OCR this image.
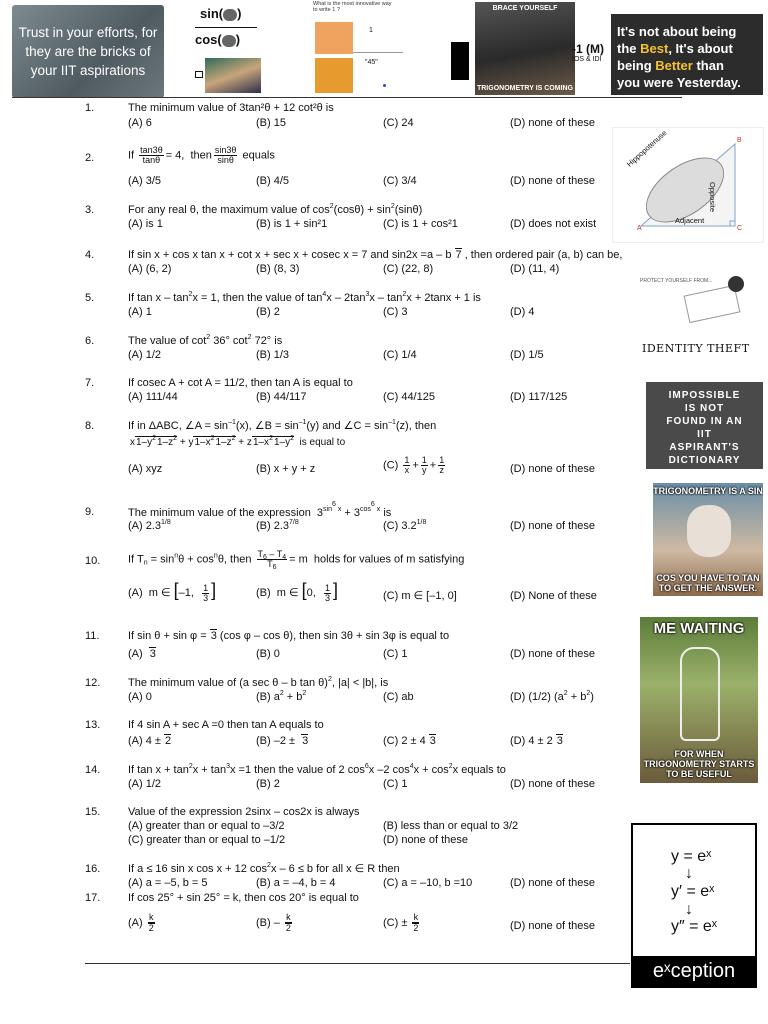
Trust in your efforts, for they are the bricks of your IIT aspirations
sin( )
cos( )
What is the most innovative way to write 1 ?
1
"45"
BRACE YOURSELF
TRIGONOMETRY IS COMING
-1 (M)
IOS & IDI
It's not about being
the Best, It's about
being Better than
you were Yesterday.
1.	The minimum value of 3tan²θ + 12 cot²θ is
(A) 6	(B) 15	(C) 24	(D) none of these
2.	If $\frac{\tan 3\theta}{\tan\theta} = 4$,  then $\frac{\sin 3\theta}{\sin\theta}$ equals
(A) 3/5	(B) 4/5	(C) 3/4	(D) none of these
3.	For any real θ, the maximum value of $\cos^2(\cos\theta) + \sin^2(\sin\theta)$
(A) is 1	(B) is 1 + sin²1	(C) is 1 + cos²1	(D) does not exist
4.	If sin x + cos x tan x + cot x + sec x + cosec x = 7 and sin2x =a – b 7 , then ordered pair (a, b) can be,
(A) (6, 2)	(B) (8, 3)	(C) (22, 8)	(D) (11, 4)
5.	If $\tan x - \tan^2x = 1$, then the value of $\tan^4x - 2\tan^3x - \tan^2x + 2\tan x + 1$ is
(A) 1	(B) 2	(C) 3	(D) 4
6.	The value of $\cot^2 36^\circ$ $\cot^2 72^\circ$ is
(A) 1/2	(B) 1/3	(C) 1/4	(D) 1/5
7.	If cosec A + cot A = 11/2, then tan A is equal to
(A) 111/44	(B) 44/117	(C) 44/125	(D) 117/125
8.	If in ΔABC, ∠A = $\sin^{-1}(x)$, ∠B = $\sin^{-1}(y)$ and ∠C = $\sin^{-1}(z)$, then
$x1-y^21-z^2 + y1-x^21-z^2 + z1-x^21-y^2$  is equal to
(A) xyz	(B) x + y + z	$(C) \frac{1}{x} + \frac{1}{y} + \frac{1}{z}$	(D) none of these
9.	The minimum value of the expression  $3^{sin^6 x} + 3^{cos^6 x}$ is
(A) $2.3^{1/8}$	(B) $2.3^{7/8}$	(C) $3.2^{1/8}$	(D) none of these
10.	If $T_n = \sin^n\theta + \cos^n\theta$, then $\frac{T_6 - T_4}{T_6} = m$  holds for values of m satisfying
(A)  m ∈ [–1, $\frac{1}{3}$ ]	(B)  m ∈ [0, $\frac{1}{3}$ ]	(C) m ∈ [–1, 0]	(D) None of these
11.	If sin θ + sin φ = 3 (cos φ – cos θ), then sin 3θ + sin 3φ is equal to
(A)  3	(B) 0	(C) 1	(D) none of these
12.	The minimum value of (a sec θ – b tan θ)$^2$, |a| < |b|, is
(A) 0	(B) $a^2 + b^2$	(C) ab	(D) (1/2) $(a^2 + b^2)$
13.	If 4 sin A + sec A =0 then tan A equals to
(A) 4 ± 2	(B) –2 ±  3	(C) 2 ± 4 3	(D) 4 ± 2 3
14.	If $\tan x + \tan^2x + \tan^3x =1$ then the value of 2 $\cos^6x$ –2 $\cos^4x + \cos^2x$ equals to
(A) 1/2	(B) 2	(C) 1	(D) none of these
15.	Value of the expression 2sinx – cos2x is always
(A) greater than or equal to –3/2	(B) less than or equal to 3/2
(C) greater than or equal to –1/2	(D) none of these
16.	If a ≤ 16 sin x cos x + 12 $\cos^2x - 6 \le b$ for all x ∈ R then
(A) a = –5, b = 5	(B) a = –4, b = 4	(C) a = –10, b =10	(D) none of these
17.	If cos 25° + sin 25° = k, then cos 20° is equal to
$(A) \frac{k}{2}$	$(B) - \frac{k}{2}$	$(C) \pm \frac{k}{2}$	(D) none of these
A
B
C
Hippopotenuse
Opposite
Adjacent
PROTECT YOURSELF FROM...
IDENTITY THEFT
IMPOSSIBLE
IS NOT
FOUND IN AN
IIT
ASPIRANT'S
DICTIONARY
TRIGONOMETRY IS A SIN
COS YOU HAVE TO TAN TO GET THE ANSWER.
ME WAITING
FOR WHEN TRIGONOMETRY STARTS TO BE USEFUL
y = eˣ
↓
y′ = eˣ
↓
y″ = eˣ
eˣception
